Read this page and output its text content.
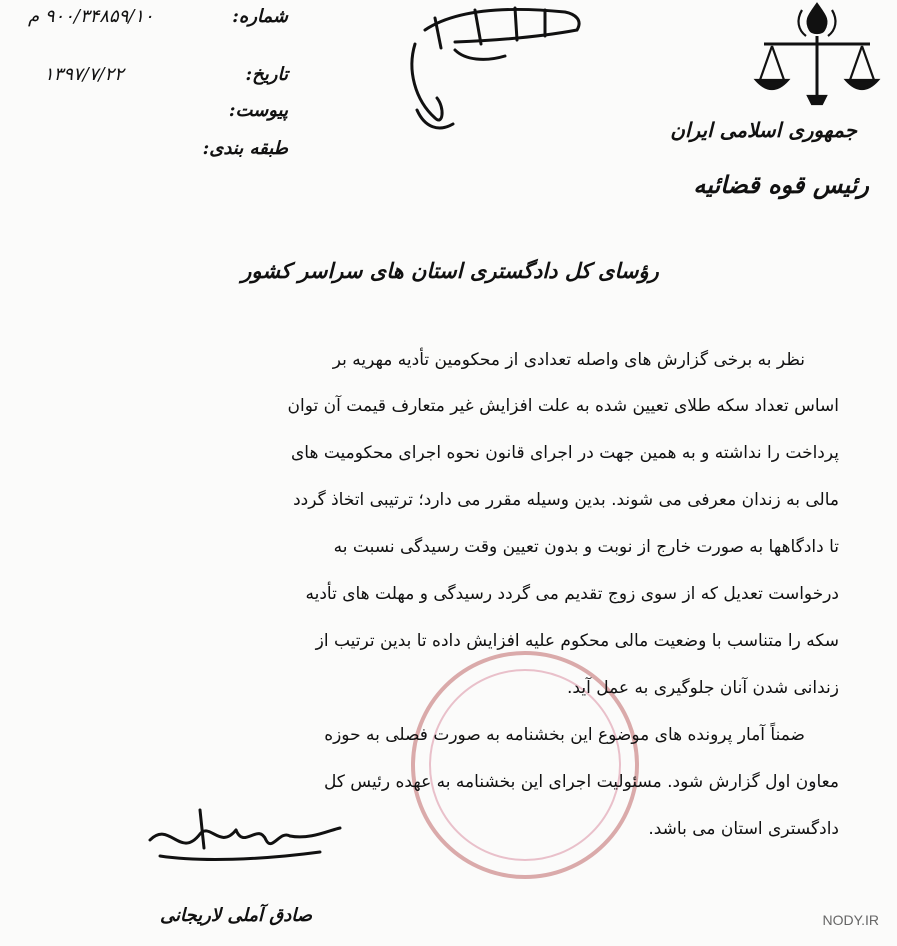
جمهوری اسلامی ایران
رئیس قوه قضائیه
۹۰۰/۳۴۸۵۹/۱۰ م	شماره:
۱۳۹۷/۷/۲۲	تاریخ:
پیوست:
طبقه بندی:
رؤسای کل دادگستری استان های سراسر کشور
نظر به برخی گزارش های واصله تعدادی از محکومین تأدیه مهریه بر
اساس تعداد سکه طلای تعیین شده به علت افزایش غیر متعارف قیمت آن توان
پرداخت را نداشته و به همین جهت در اجرای قانون نحوه اجرای محکومیت های
مالی به زندان معرفی می شوند. بدین وسیله مقرر می دارد؛ ترتیبی اتخاذ گردد
تا دادگاهها به صورت خارج از نوبت و بدون تعیین وقت رسیدگی نسبت به
درخواست تعدیل که از سوی زوج تقدیم می گردد رسیدگی و مهلت های تأدیه
سکه را متناسب با وضعیت مالی محکوم علیه افزایش داده تا بدین ترتیب از
زندانی شدن آنان جلوگیری به عمل آید.
ضمناً آمار پرونده های موضوع این بخشنامه به صورت فصلی به حوزه
معاون اول گزارش شود. مسئولیت اجرای این بخشنامه به عهده رئیس کل
دادگستری استان می باشد.
صادق آملی لاریجانی	NODY.IR
